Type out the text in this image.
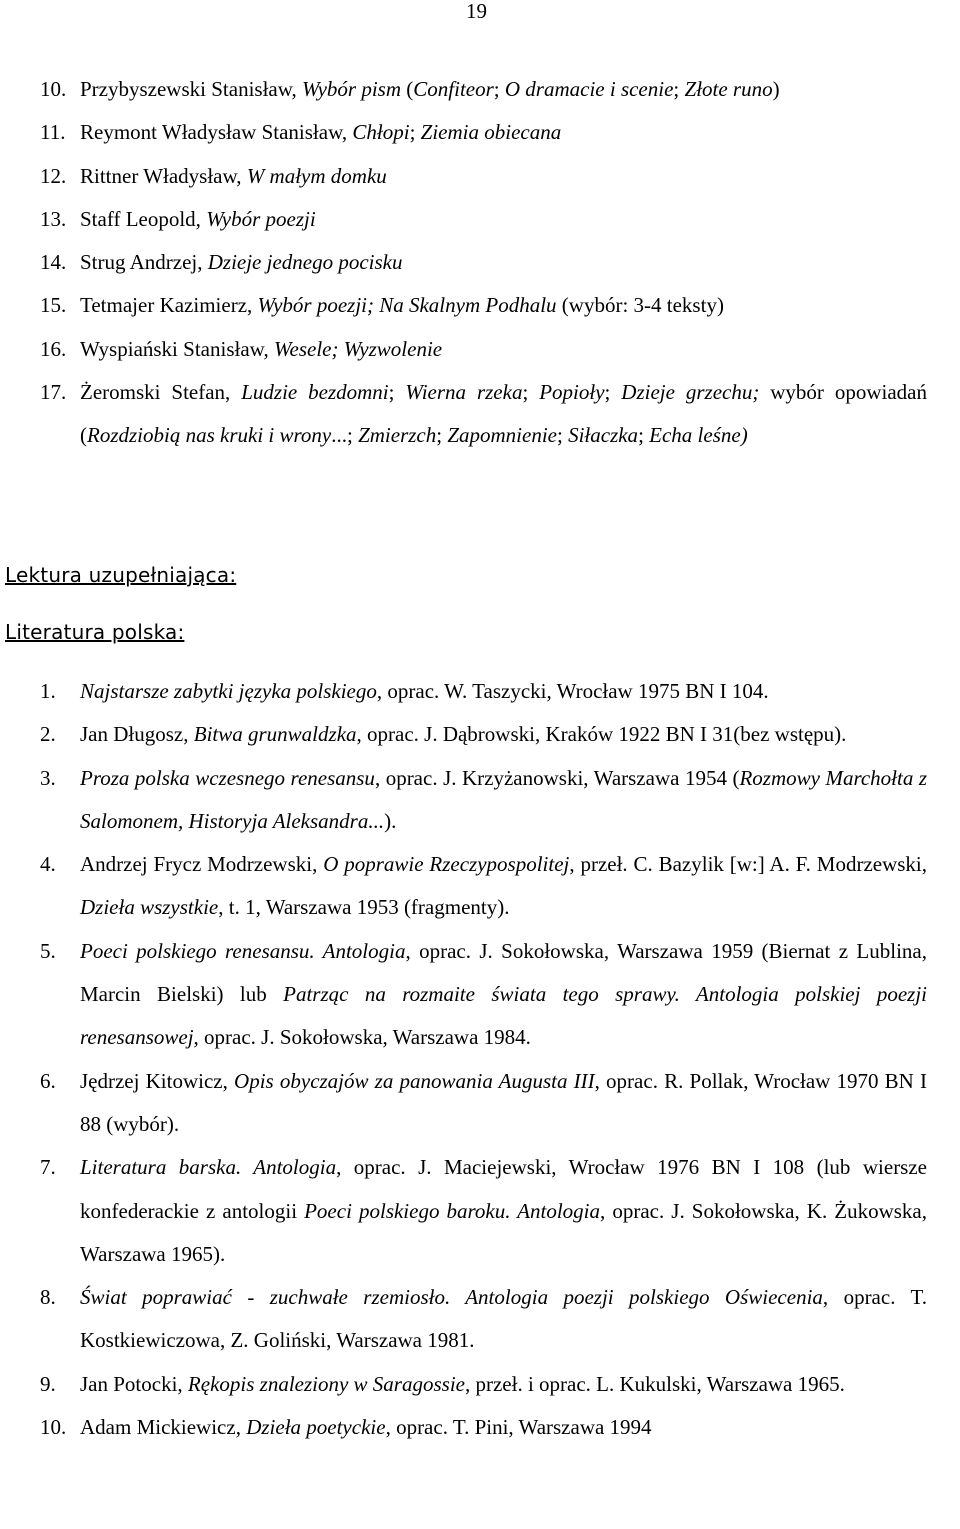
19
10. Przybyszewski Stanisław, Wybór pism (Confiteor; O dramacie i scenie; Złote runo)
11. Reymont Władysław Stanisław, Chłopi; Ziemia obiecana
12. Rittner Władysław, W małym domku
13. Staff Leopold, Wybór poezji
14. Strug Andrzej, Dzieje jednego pocisku
15. Tetmajer Kazimierz, Wybór poezji; Na Skalnym Podhalu (wybór: 3-4 teksty)
16. Wyspiański Stanisław, Wesele; Wyzwolenie
17. Żeromski Stefan, Ludzie bezdomni; Wierna rzeka; Popioły; Dzieje grzechu; wybór opowiadań (Rozdziobią nas kruki i wrony...; Zmierzch; Zapomnienie; Siłaczka; Echa leśne)
Lektura uzupełniająca:
Literatura polska:
1. Najstarsze zabytki języka polskiego, oprac. W. Taszycki, Wrocław 1975 BN I 104.
2. Jan Długosz, Bitwa grunwaldzka, oprac. J. Dąbrowski, Kraków 1922 BN I 31(bez wstępu).
3. Proza polska wczesnego renesansu, oprac. J. Krzyżanowski, Warszawa 1954 (Rozmowy Marchołta z Salomonem, Historyja Aleksandra...).
4. Andrzej Frycz Modrzewski, O poprawie Rzeczypospolitej, przeł. C. Bazylik [w:] A. F. Modrzewski, Dzieła wszystkie, t. 1, Warszawa 1953 (fragmenty).
5. Poeci polskiego renesansu. Antologia, oprac. J. Sokołowska, Warszawa 1959 (Biernat z Lublina, Marcin Bielski) lub Patrząc na rozmaite świata tego sprawy. Antologia polskiej poezji renesansowej, oprac. J. Sokołowska, Warszawa 1984.
6. Jędrzej Kitowicz, Opis obyczajów za panowania Augusta III, oprac. R. Pollak, Wrocław 1970 BN I 88 (wybór).
7. Literatura barska. Antologia, oprac. J. Maciejewski, Wrocław 1976 BN I 108 (lub wiersze konfederackie z antologii Poeci polskiego baroku. Antologia, oprac. J. Sokołowska, K. Żukowska, Warszawa 1965).
8. Świat poprawiać - zuchwałe rzemiosło. Antologia poezji polskiego Oświecenia, oprac. T. Kostkiewiczowa, Z. Goliński, Warszawa 1981.
9. Jan Potocki, Rękopis znaleziony w Saragossie, przeł. i oprac. L. Kukulski, Warszawa 1965.
10. Adam Mickiewicz, Dzieła poetyckie, oprac. T. Pini, Warszawa 1994
